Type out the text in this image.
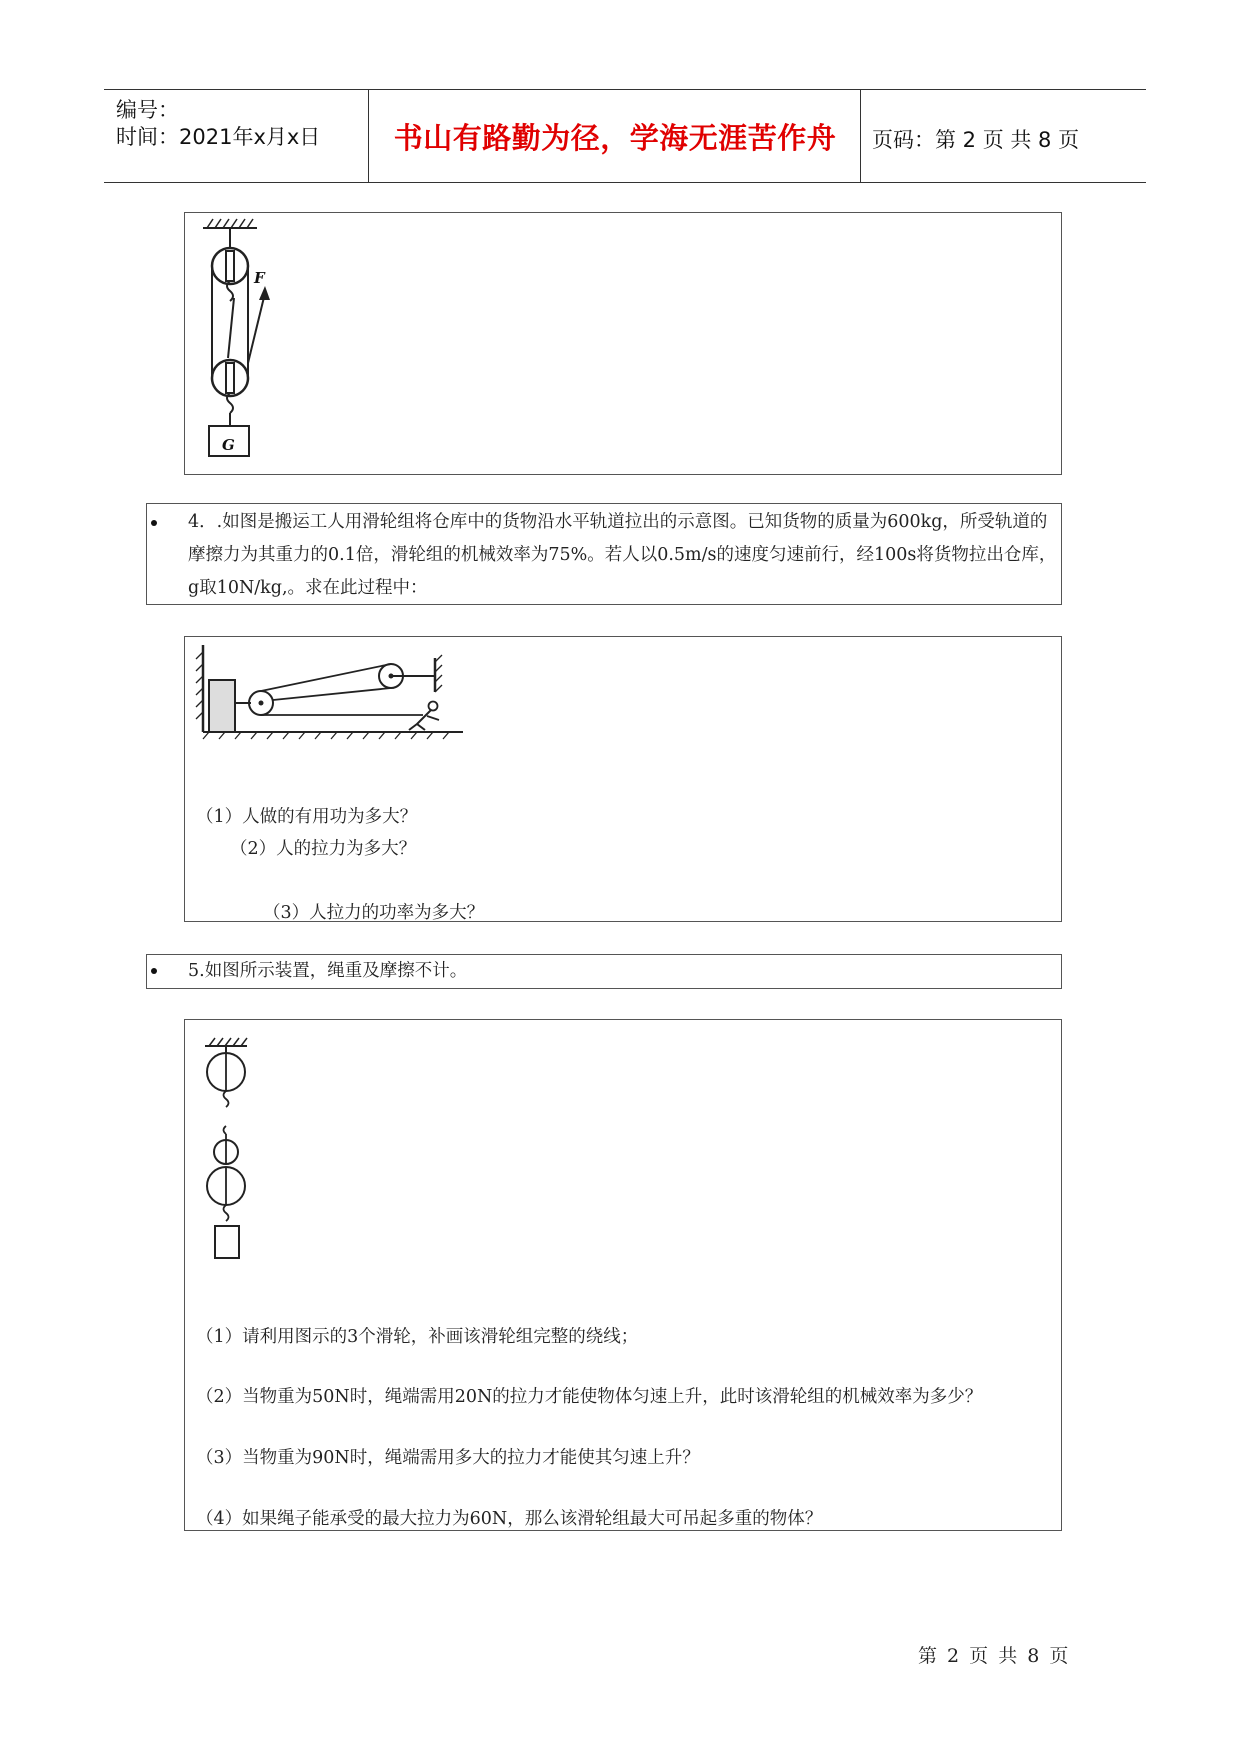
编号：
时间：2021年x月x日	书山有路勤为径，学海无涯苦作舟	页码：第 2 页 共 8 页
F
G
4．.如图是搬运工人用滑轮组将仓库中的货物沿水平轨道拉出的示意图。已知货物的质量为600kg，所受轨道的摩擦力为其重力的0.1倍，滑轮组的机械效率为75%。若人以0.5m/s的速度匀速前行，经100s将货物拉出仓库，g取10N/kg,。求在此过程中：
（1）人做的有用功为多大？
（2）人的拉力为多大？
（3）人拉力的功率为多大？
5.如图所示装置，绳重及摩擦不计。
（1）请利用图示的3个滑轮，补画该滑轮组完整的绕线；
（2）当物重为50N时，绳端需用20N的拉力才能使物体匀速上升，此时该滑轮组的机械效率为多少？
（3）当物重为90N时，绳端需用多大的拉力才能使其匀速上升？
（4）如果绳子能承受的最大拉力为60N，那么该滑轮组最大可吊起多重的物体？
第 2 页 共 8 页
